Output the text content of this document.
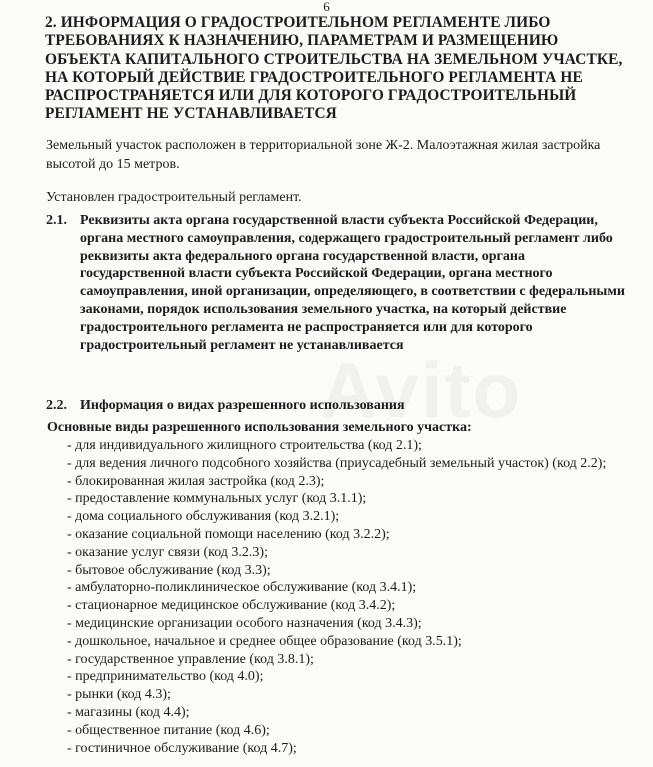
6
2. ИНФОРМАЦИЯ О ГРАДОСТРОИТЕЛЬНОМ РЕГЛАМЕНТЕ ЛИБО ТРЕБОВАНИЯХ К НАЗНАЧЕНИЮ, ПАРАМЕТРАМ И РАЗМЕЩЕНИЮ ОБЪЕКТА КАПИТАЛЬНОГО СТРОИТЕЛЬСТВА НА ЗЕМЕЛЬНОМ УЧАСТКЕ, НА КОТОРЫЙ ДЕЙСТВИЕ ГРАДОСТРОИТЕЛЬНОГО РЕГЛАМЕНТА НЕ РАСПРОСТРАНЯЕТСЯ ИЛИ ДЛЯ КОТОРОГО ГРАДОСТРОИТЕЛЬНЫЙ РЕГЛАМЕНТ НЕ УСТАНАВЛИВАЕТСЯ

Земельный участок расположен в территориальной зоне Ж-2. Малоэтажная жилая застройка высотой до 15 метров.

Установлен градостроительный регламент.

2.1. Реквизиты акта органа государственной власти субъекта Российской Федерации, органа местного самоуправления, содержащего градостроительный регламент либо реквизиты акта федерального органа государственной власти, органа государственной власти субъекта Российской Федерации, органа местного самоуправления, иной организации, определяющего, в соответствии с федеральными законами, порядок использования земельного участка, на который действие градостроительного регламента не распространяется или для которого градостроительный регламент не устанавливается

2.2. Информация о видах разрешенного использования

Основные виды разрешенного использования земельного участка:

- для индивидуального жилищного строительства (код 2.1);
- для ведения личного подсобного хозяйства (приусадебный земельный участок) (код 2.2);
- блокированная жилая застройка (код 2.3);
- предоставление коммунальных услуг (код 3.1.1);
- дома социального обслуживания (код 3.2.1);
- оказание социальной помощи населению (код 3.2.2);
- оказание услуг связи (код 3.2.3);
- бытовое обслуживание (код 3.3);
- амбулаторно-поликлиническое обслуживание (код 3.4.1);
- стационарное медицинское обслуживание (код 3.4.2);
- медицинские организации особого назначения (код 3.4.3);
- дошкольное, начальное и среднее общее образование (код 3.5.1);
- государственное управление (код 3.8.1);
- предпринимательство (код 4.0);
- рынки (код 4.3);
- магазины (код 4.4);
- общественное питание (код 4.6);
- гостиничное обслуживание (код 4.7);
